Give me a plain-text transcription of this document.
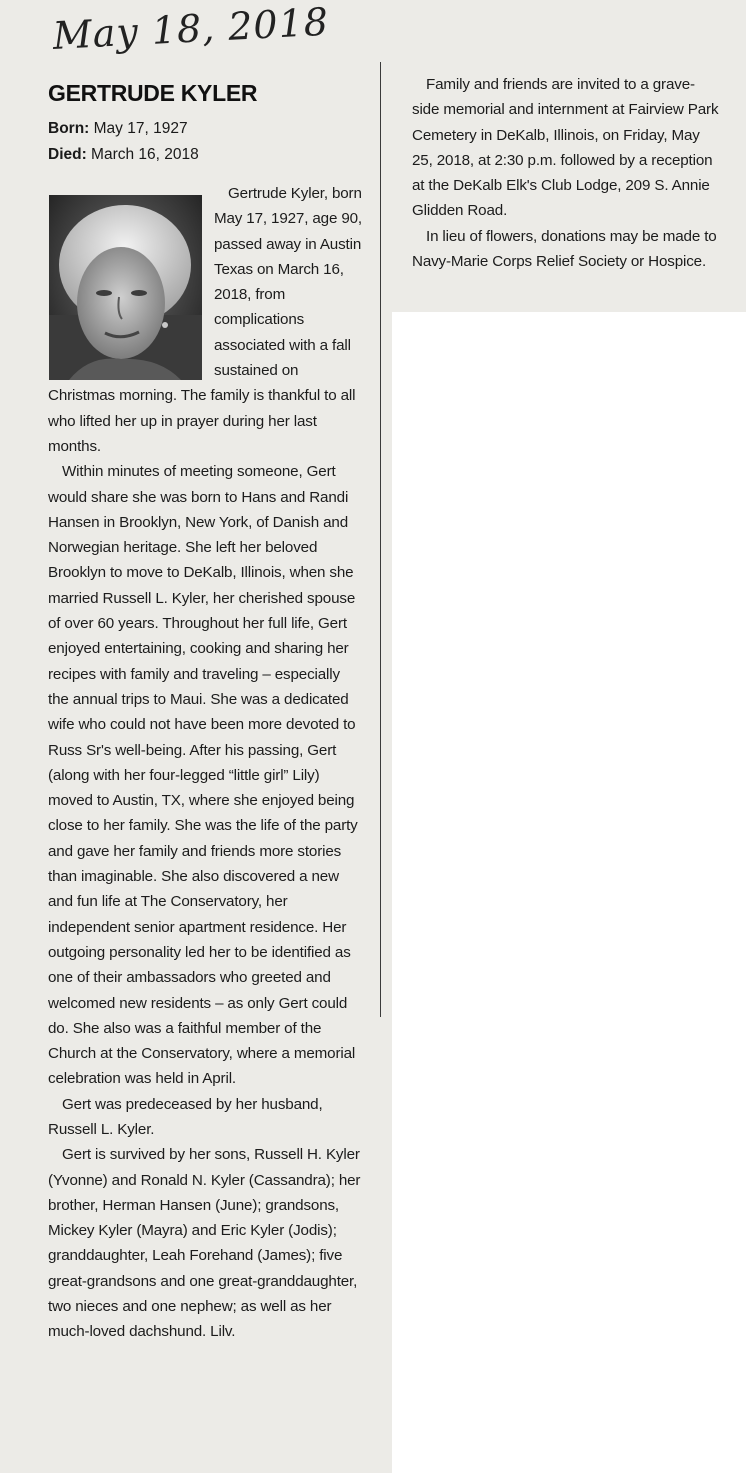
May 18, 2018
GERTRUDE KYLER
Born: May 17, 1927
Died: March 16, 2018

Gertrude Kyler, born May 17, 1927, age 90, passed away in Austin Texas on March 16, 2018, from complications associated with a fall sustained on Christmas morning. The family is thankful to all who lifted her up in prayer during her last months.

Within minutes of meeting someone, Gert would share she was born to Hans and Randi Hansen in Brooklyn, New York, of Danish and Norwegian heritage. She left her beloved Brooklyn to move to DeKalb, Illinois, when she married Russell L. Kyler, her cherished spouse of over 60 years. Throughout her full life, Gert enjoyed entertaining, cooking and sharing her recipes with family and traveling – especially the annual trips to Maui. She was a dedicated wife who could not have been more devoted to Russ Sr's well-being. After his passing, Gert (along with her four-legged “little girl” Lily) moved to Austin, TX, where she enjoyed being close to her family. She was the life of the party and gave her family and friends more stories than imaginable. She also discovered a new and fun life at The Conservatory, her independent senior apartment residence. Her outgoing personality led her to be identified as one of their ambassadors who greeted and welcomed new residents – as only Gert could do. She also was a faithful member of the Church at the Conservatory, where a memorial celebration was held in April.

Gert was predeceased by her husband, Russell L. Kyler.

Gert is survived by her sons, Russell H. Kyler (Yvonne) and Ronald N. Kyler (Cassandra); her brother, Herman Hansen (June); grandsons, Mickey Kyler (Mayra) and Eric Kyler (Jodis); granddaughter, Leah Forehand (James); five great-grandsons and one great-granddaughter, two nieces and one nephew; as well as her much-loved dachshund. Lilv.

Family and friends are invited to a grave-side memorial and internment at Fairview Park Cemetery in DeKalb, Illinois, on Friday, May 25, 2018, at 2:30 p.m. followed by a reception at the DeKalb Elk's Club Lodge, 209 S. Annie Glidden Road.

In lieu of flowers, donations may be made to Navy-Marie Corps Relief Society or Hospice.
